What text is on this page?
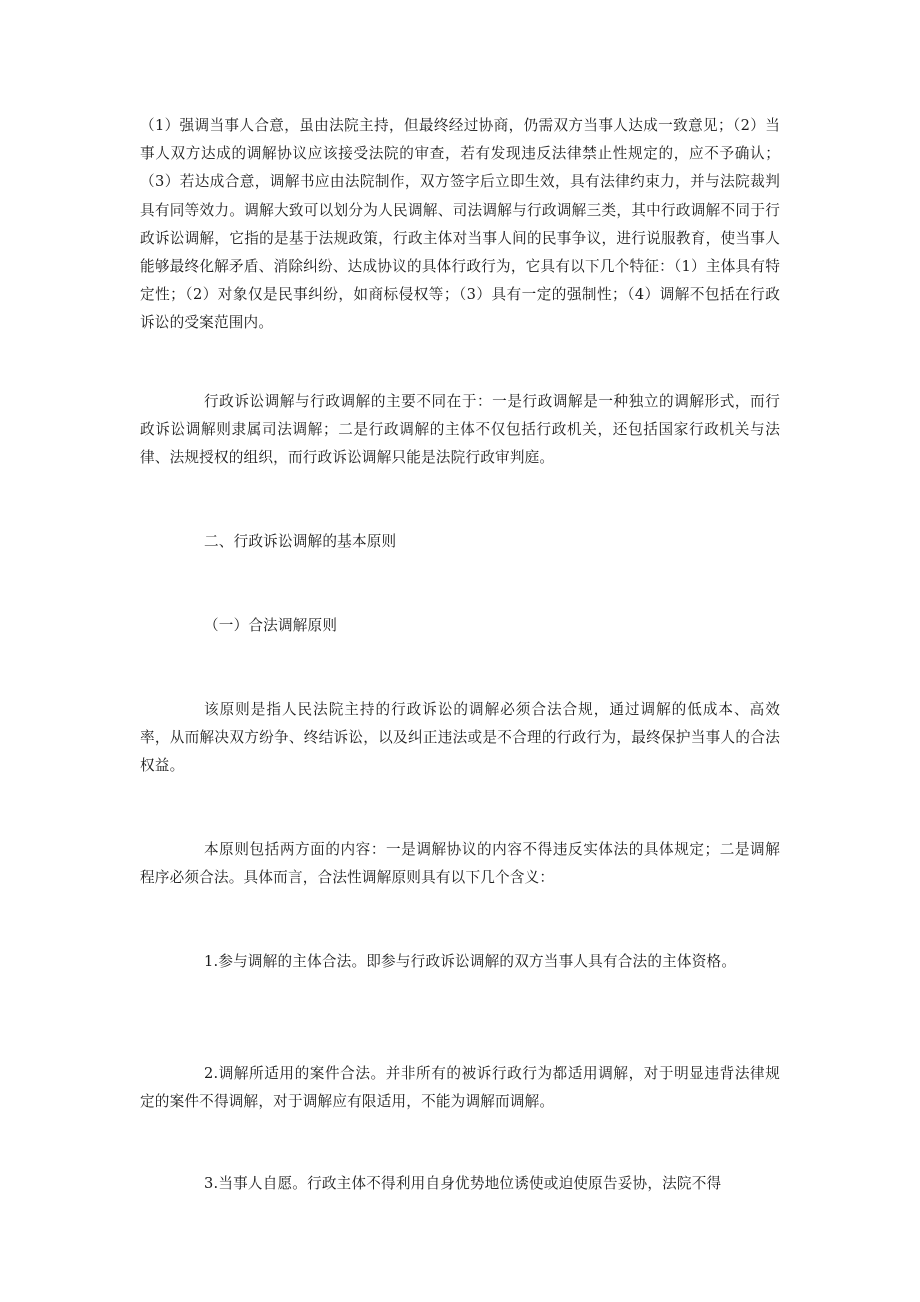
（1）强调当事人合意，虽由法院主持，但最终经过协商，仍需双方当事人达成一致意见；（2）当事人双方达成的调解协议应该接受法院的审查，若有发现违反法律禁止性规定的，应不予确认；（3）若达成合意，调解书应由法院制作，双方签字后立即生效，具有法律约束力，并与法院裁判具有同等效力。调解大致可以划分为人民调解、司法调解与行政调解三类，其中行政调解不同于行政诉讼调解，它指的是基于法规政策，行政主体对当事人间的民事争议，进行说服教育，使当事人能够最终化解矛盾、消除纠纷、达成协议的具体行政行为，它具有以下几个特征：（1）主体具有特定性；（2）对象仅是民事纠纷，如商标侵权等；（3）具有一定的强制性；（4）调解不包括在行政诉讼的受案范围内。

行政诉讼调解与行政调解的主要不同在于：一是行政调解是一种独立的调解形式，而行政诉讼调解则隶属司法调解；二是行政调解的主体不仅包括行政机关，还包括国家行政机关与法律、法规授权的组织，而行政诉讼调解只能是法院行政审判庭。

二、行政诉讼调解的基本原则

（一）合法调解原则

该原则是指人民法院主持的行政诉讼的调解必须合法合规，通过调解的低成本、高效率，从而解决双方纷争、终结诉讼，以及纠正违法或是不合理的行政行为，最终保护当事人的合法权益。

本原则包括两方面的内容：一是调解协议的内容不得违反实体法的具体规定；二是调解程序必须合法。具体而言，合法性调解原则具有以下几个含义：

1.参与调解的主体合法。即参与行政诉讼调解的双方当事人具有合法的主体资格。

2.调解所适用的案件合法。并非所有的被诉行政行为都适用调解，对于明显违背法律规定的案件不得调解，对于调解应有限适用，不能为调解而调解。

3.当事人自愿。行政主体不得利用自身优势地位诱使或迫使原告妥协，法院不得
